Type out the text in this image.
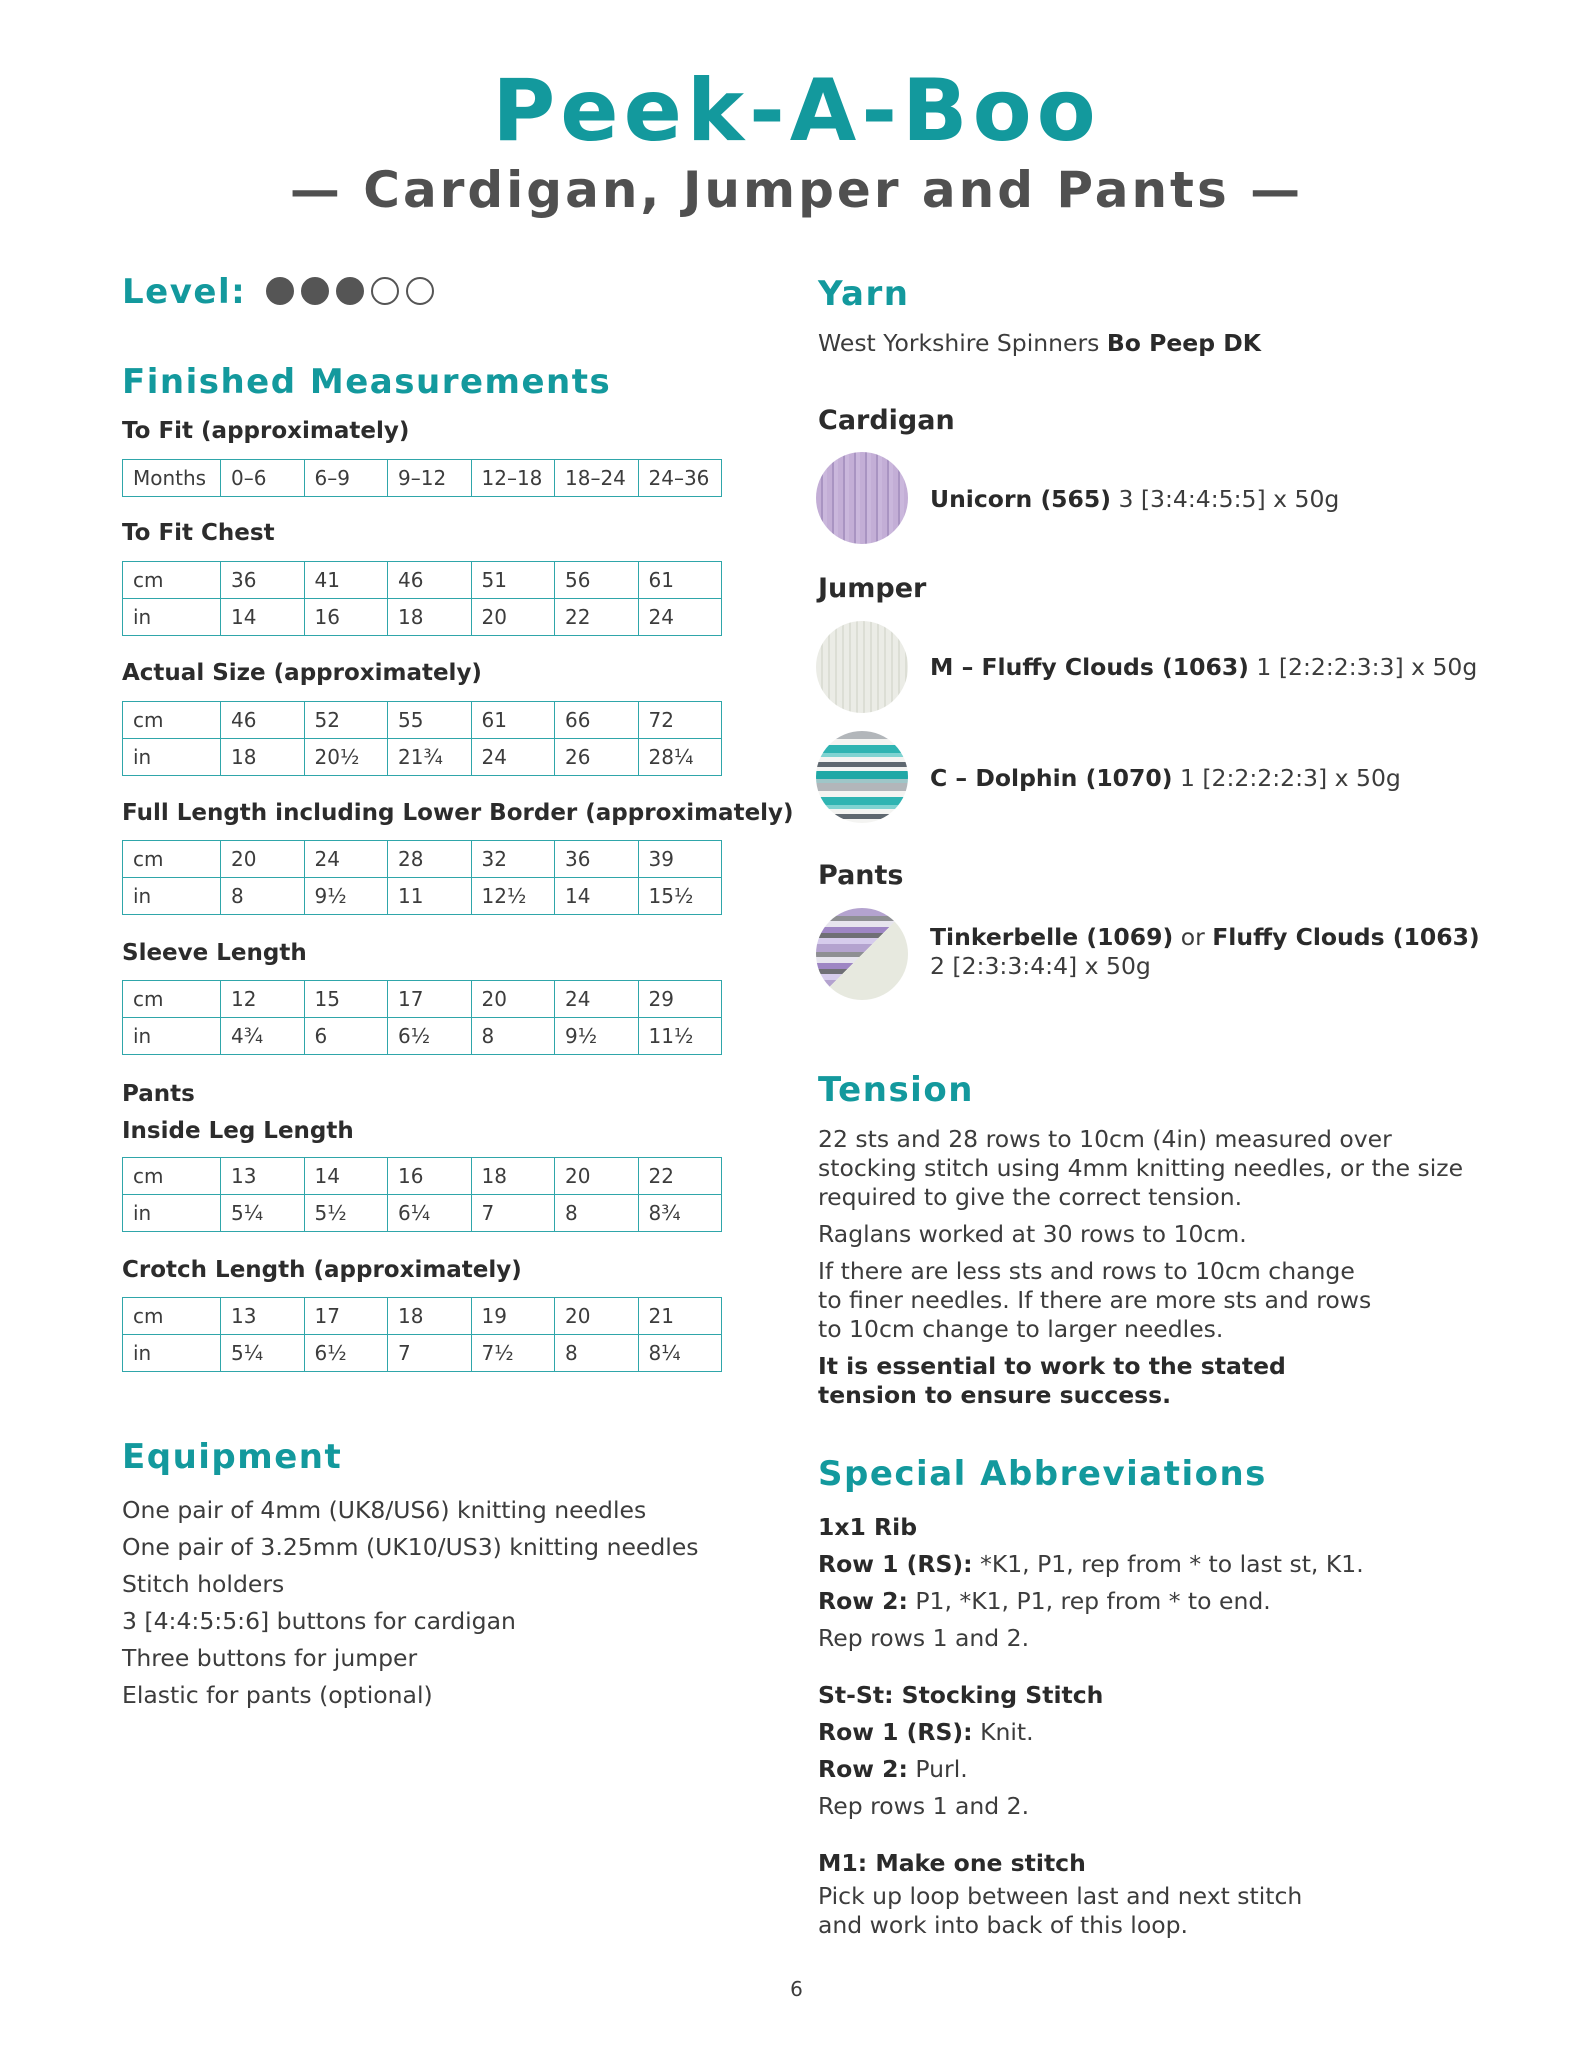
Peek-A-Boo
— Cardigan, Jumper and Pants —
Level:
Finished Measurements
To Fit (approximately)
Months	0–6	6–9	9–12	12–18	18–24	24–36
To Fit Chest
cm	36	41	46	51	56	61
in	14	16	18	20	22	24
Actual Size (approximately)
cm	46	52	55	61	66	72
in	18	20½	21¾	24	26	28¼
Full Length including Lower Border (approximately)
cm	20	24	28	32	36	39
in	8	9½	11	12½	14	15½
Sleeve Length
cm	12	15	17	20	24	29
in	4¾	6	6½	8	9½	11½
Pants
Inside Leg Length
cm	13	14	16	18	20	22
in	5¼	5½	6¼	7	8	8¾
Crotch Length (approximately)
cm	13	17	18	19	20	21
in	5¼	6½	7	7½	8	8¼
Equipment
One pair of 4mm (UK8/US6) knitting needles
One pair of 3.25mm (UK10/US3) knitting needles
Stitch holders
3 [4:4:5:5:6] buttons for cardigan
Three buttons for jumper
Elastic for pants (optional)
Yarn
West Yorkshire Spinners Bo Peep DK
Cardigan
Unicorn (565) 3 [3:4:4:5:5] x 50g
Jumper
M – Fluffy Clouds (1063) 1 [2:2:2:3:3] x 50g
C – Dolphin (1070) 1 [2:2:2:2:3] x 50g
Pants
Tinkerbelle (1069) or Fluffy Clouds (1063)
2 [2:3:3:4:4] x 50g
Tension
22 sts and 28 rows to 10cm (4in) measured over stocking stitch using 4mm knitting needles, or the size required to give the correct tension.
Raglans worked at 30 rows to 10cm.
If there are less sts and rows to 10cm change to finer needles. If there are more sts and rows to 10cm change to larger needles.
It is essential to work to the stated tension to ensure success.
Special Abbreviations
1x1 Rib
Row 1 (RS): *K1, P1, rep from * to last st, K1.
Row 2: P1, *K1, P1, rep from * to end.
Rep rows 1 and 2.
St-St: Stocking Stitch
Row 1 (RS): Knit.
Row 2: Purl.
Rep rows 1 and 2.
M1: Make one stitch
Pick up loop between last and next stitch and work into back of this loop.
6
